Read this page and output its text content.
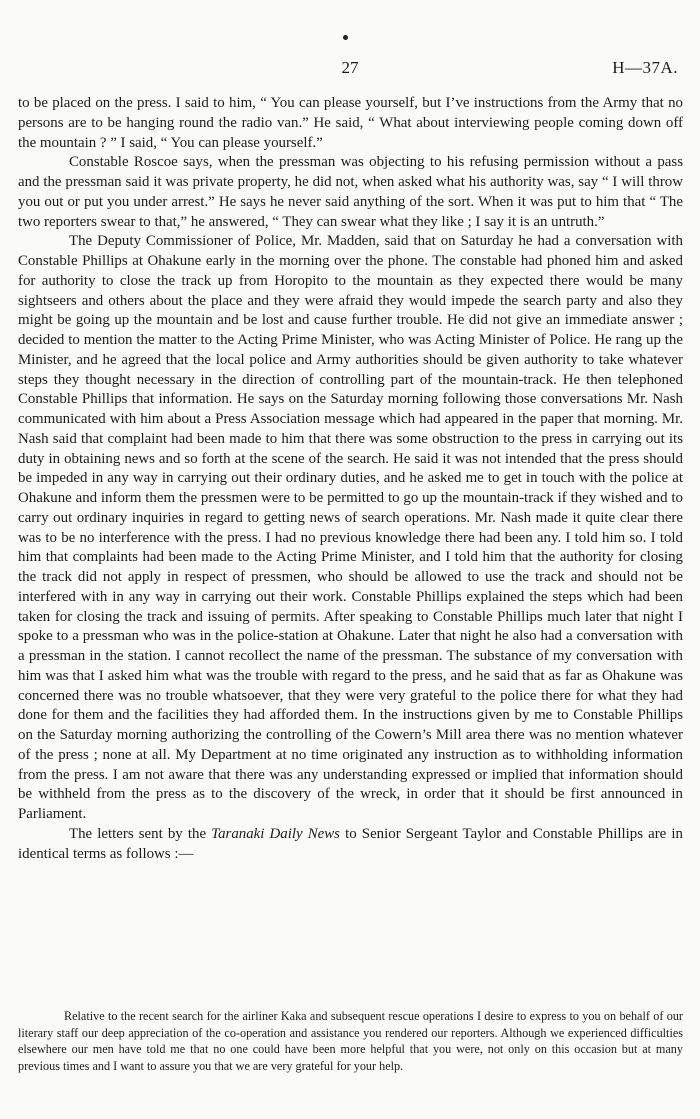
27	H—37A.

to be placed on the press. I said to him, “ You can please yourself, but I’ve instructions from the Army that no persons are to be hanging round the radio van.” He said, “ What about interviewing people coming down off the mountain ? ” I said, “ You can please yourself.”

Constable Roscoe says, when the pressman was objecting to his refusing permission without a pass and the pressman said it was private property, he did not, when asked what his authority was, say “ I will throw you out or put you under arrest.” He says he never said anything of the sort. When it was put to him that “ The two reporters swear to that,” he answered, “ They can swear what they like ; I say it is an untruth.”

The Deputy Commissioner of Police, Mr. Madden, said that on Saturday he had a conversation with Constable Phillips at Ohakune early in the morning over the phone. The constable had phoned him and asked for authority to close the track up from Horopito to the mountain as they expected there would be many sightseers and others about the place and they were afraid they would impede the search party and also they might be going up the mountain and be lost and cause further trouble. He did not give an immediate answer ; decided to mention the matter to the Acting Prime Minister, who was Acting Minister of Police. He rang up the Minister, and he agreed that the local police and Army authorities should be given authority to take whatever steps they thought necessary in the direction of controlling part of the mountain-track. He then telephoned Constable Phillips that information. He says on the Saturday morning following those conversations Mr. Nash communicated with him about a Press Association message which had appeared in the paper that morning. Mr. Nash said that complaint had been made to him that there was some obstruction to the press in carrying out its duty in obtaining news and so forth at the scene of the search. He said it was not intended that the press should be impeded in any way in carrying out their ordinary duties, and he asked me to get in touch with the police at Ohakune and inform them the pressmen were to be permitted to go up the mountain-track if they wished and to carry out ordinary inquiries in regard to getting news of search operations. Mr. Nash made it quite clear there was to be no interference with the press. I had no previous knowledge there had been any. I told him so. I told him that complaints had been made to the Acting Prime Minister, and I told him that the authority for closing the track did not apply in respect of pressmen, who should be allowed to use the track and should not be interfered with in any way in carrying out their work. Constable Phillips explained the steps which had been taken for closing the track and issuing of permits. After speaking to Constable Phillips much later that night I spoke to a pressman who was in the police-station at Ohakune. Later that night he also had a conversation with a pressman in the station. I cannot recollect the name of the pressman. The substance of my conversation with him was that I asked him what was the trouble with regard to the press, and he said that as far as Ohakune was concerned there was no trouble whatsoever, that they were very grateful to the police there for what they had done for them and the facilities they had afforded them. In the instructions given by me to Constable Phillips on the Saturday morning authorizing the controlling of the Cowern’s Mill area there was no mention whatever of the press ; none at all. My Department at no time originated any instruction as to withholding information from the press. I am not aware that there was any understanding expressed or implied that information should be withheld from the press as to the discovery of the wreck, in order that it should be first announced in Parliament.

The letters sent by the Taranaki Daily News to Senior Sergeant Taylor and Constable Phillips are in identical terms as follows :—

Relative to the recent search for the airliner Kaka and subsequent rescue operations I desire to express to you on behalf of our literary staff our deep appreciation of the co-operation and assistance you rendered our reporters. Although we experienced difficulties elsewhere our men have told me that no one could have been more helpful that you were, not only on this occasion but at many previous times and I want to assure you that we are very grateful for your help.
